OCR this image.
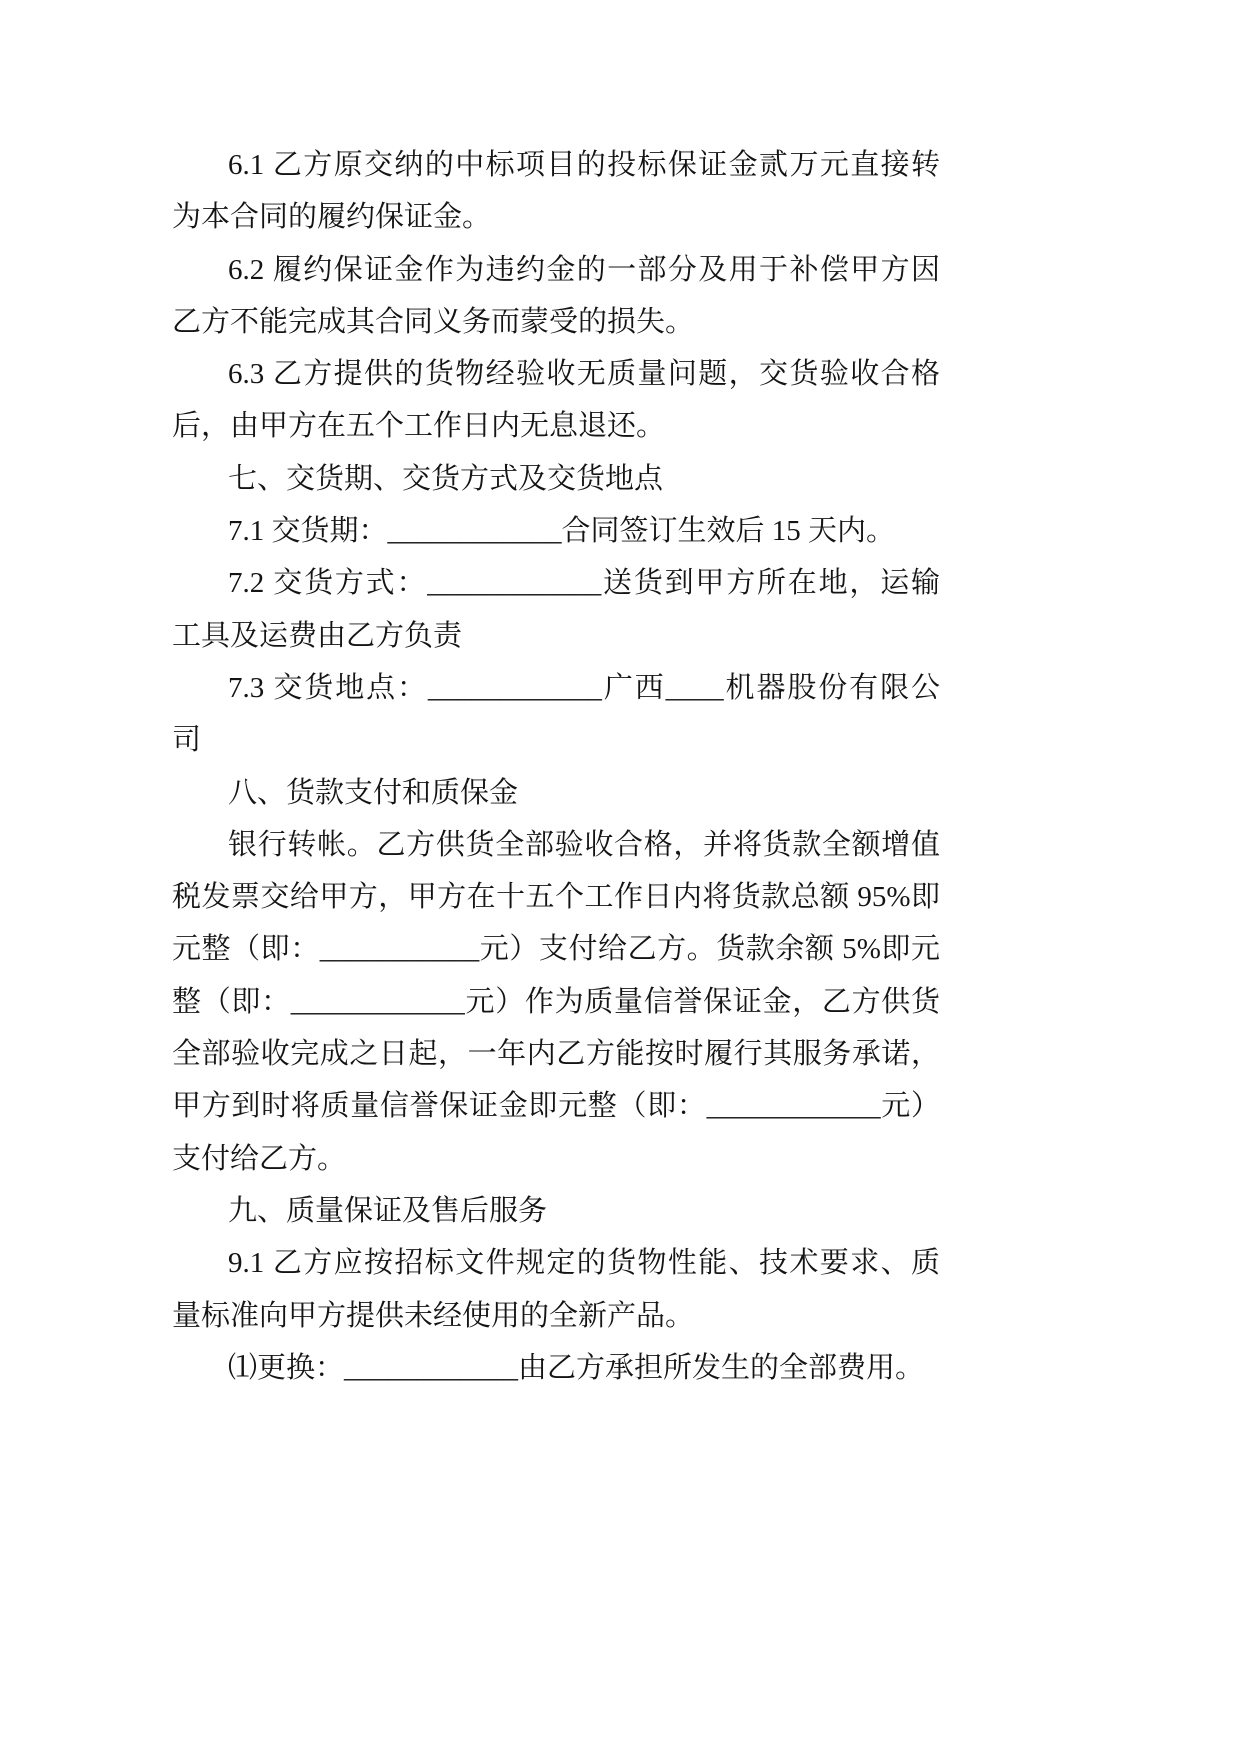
6.1 乙方原交纳的中标项目的投标保证金贰万元直接转
为本合同的履约保证金。
6.2 履约保证金作为违约金的一部分及用于补偿甲方因
乙方不能完成其合同义务而蒙受的损失。
6.3 乙方提供的货物经验收无质量问题，交货验收合格
后，由甲方在五个工作日内无息退还。
七、交货期、交货方式及交货地点
7.1 交货期：____________合同签订生效后 15 天内。
7.2 交货方式：____________送货到甲方所在地，运输
工具及运费由乙方负责
7.3 交货地点：____________广西____机器股份有限公
司
八、货款支付和质保金
银行转帐。乙方供货全部验收合格，并将货款全额增值
税发票交给甲方，甲方在十五个工作日内将货款总额 95%即
元整（即：___________元）支付给乙方。货款余额 5%即元
整（即：____________元）作为质量信誉保证金，乙方供货
全部验收完成之日起，一年内乙方能按时履行其服务承诺，
甲方到时将质量信誉保证金即元整（即：____________元）
支付给乙方。
九、质量保证及售后服务
9.1 乙方应按招标文件规定的货物性能、技术要求、质
量标准向甲方提供未经使用的全新产品。
⑴更换：____________由乙方承担所发生的全部费用。
